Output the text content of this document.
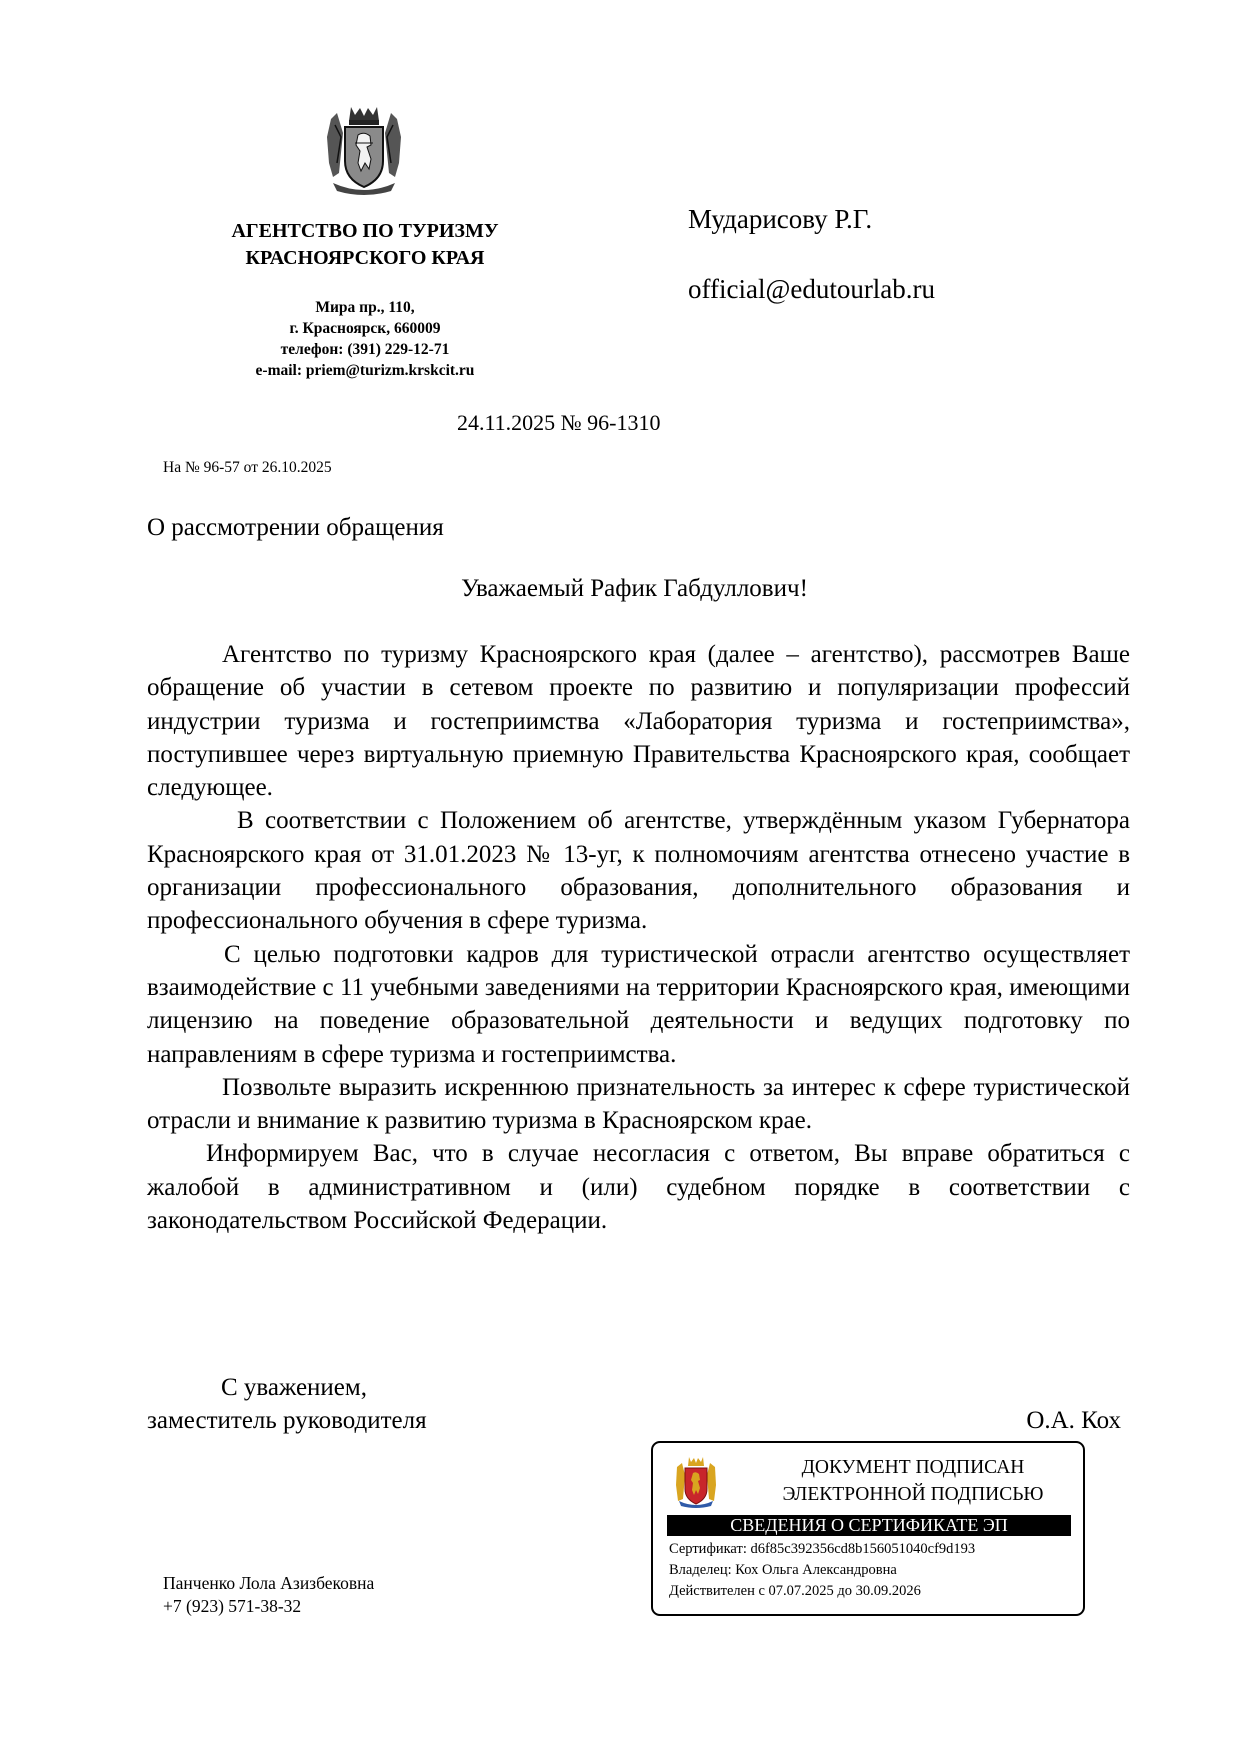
АГЕНТСТВО ПО ТУРИЗМУ
КРАСНОЯРСКОГО КРАЯ
Мира пр., 110,
г. Красноярск, 660009
телефон: (391) 229-12-71
e-mail: priem@turizm.krskcit.ru
Мударисову Р.Г.
official@edutourlab.ru
24.11.2025 № 96-1310
На № 96-57 от 26.10.2025
О рассмотрении обращения
Уважаемый Рафик Габдуллович!

Агентство по туризму Красноярского края (далее – агентство), рассмотрев Ваше обращение об участии в сетевом проекте по развитию и популяризации профессий индустрии туризма и гостеприимства «Лаборатория туризма и гостеприимства», поступившее через виртуальную приемную Правительства Красноярского края, сообщает следующее.

В соответствии с Положением об агентстве, утверждённым указом Губернатора Красноярского края от 31.01.2023 № 13-уг, к полномочиям агентства отнесено участие в организации профессионального образования, дополнительного образования и профессионального обучения в сфере туризма.

С целью подготовки кадров для туристической отрасли агентство осуществляет взаимодействие с 11 учебными заведениями на территории Красноярского края, имеющими лицензию на поведение образовательной деятельности и ведущих подготовку по направлениям в сфере туризма и гостеприимства.

Позвольте выразить искреннюю признательность за интерес к сфере туристической отрасли и внимание к развитию туризма в Красноярском крае.

Информируем Вас, что в случае несогласия с ответом, Вы вправе обратиться с жалобой в административном и (или) судебном порядке в соответствии с законодательством Российской Федерации.

С уважением,
заместитель руководителя	О.А. Кох
ДОКУМЕНТ ПОДПИСАН
ЭЛЕКТРОННОЙ ПОДПИСЬЮ
СВЕДЕНИЯ О СЕРТИФИКАТЕ ЭП
Сертификат: d6f85c392356cd8b156051040cf9d193
Владелец: Кох Ольга Александровна
Действителен с 07.07.2025 до 30.09.2026
Панченко Лола Азизбековна
+7 (923) 571-38-32
